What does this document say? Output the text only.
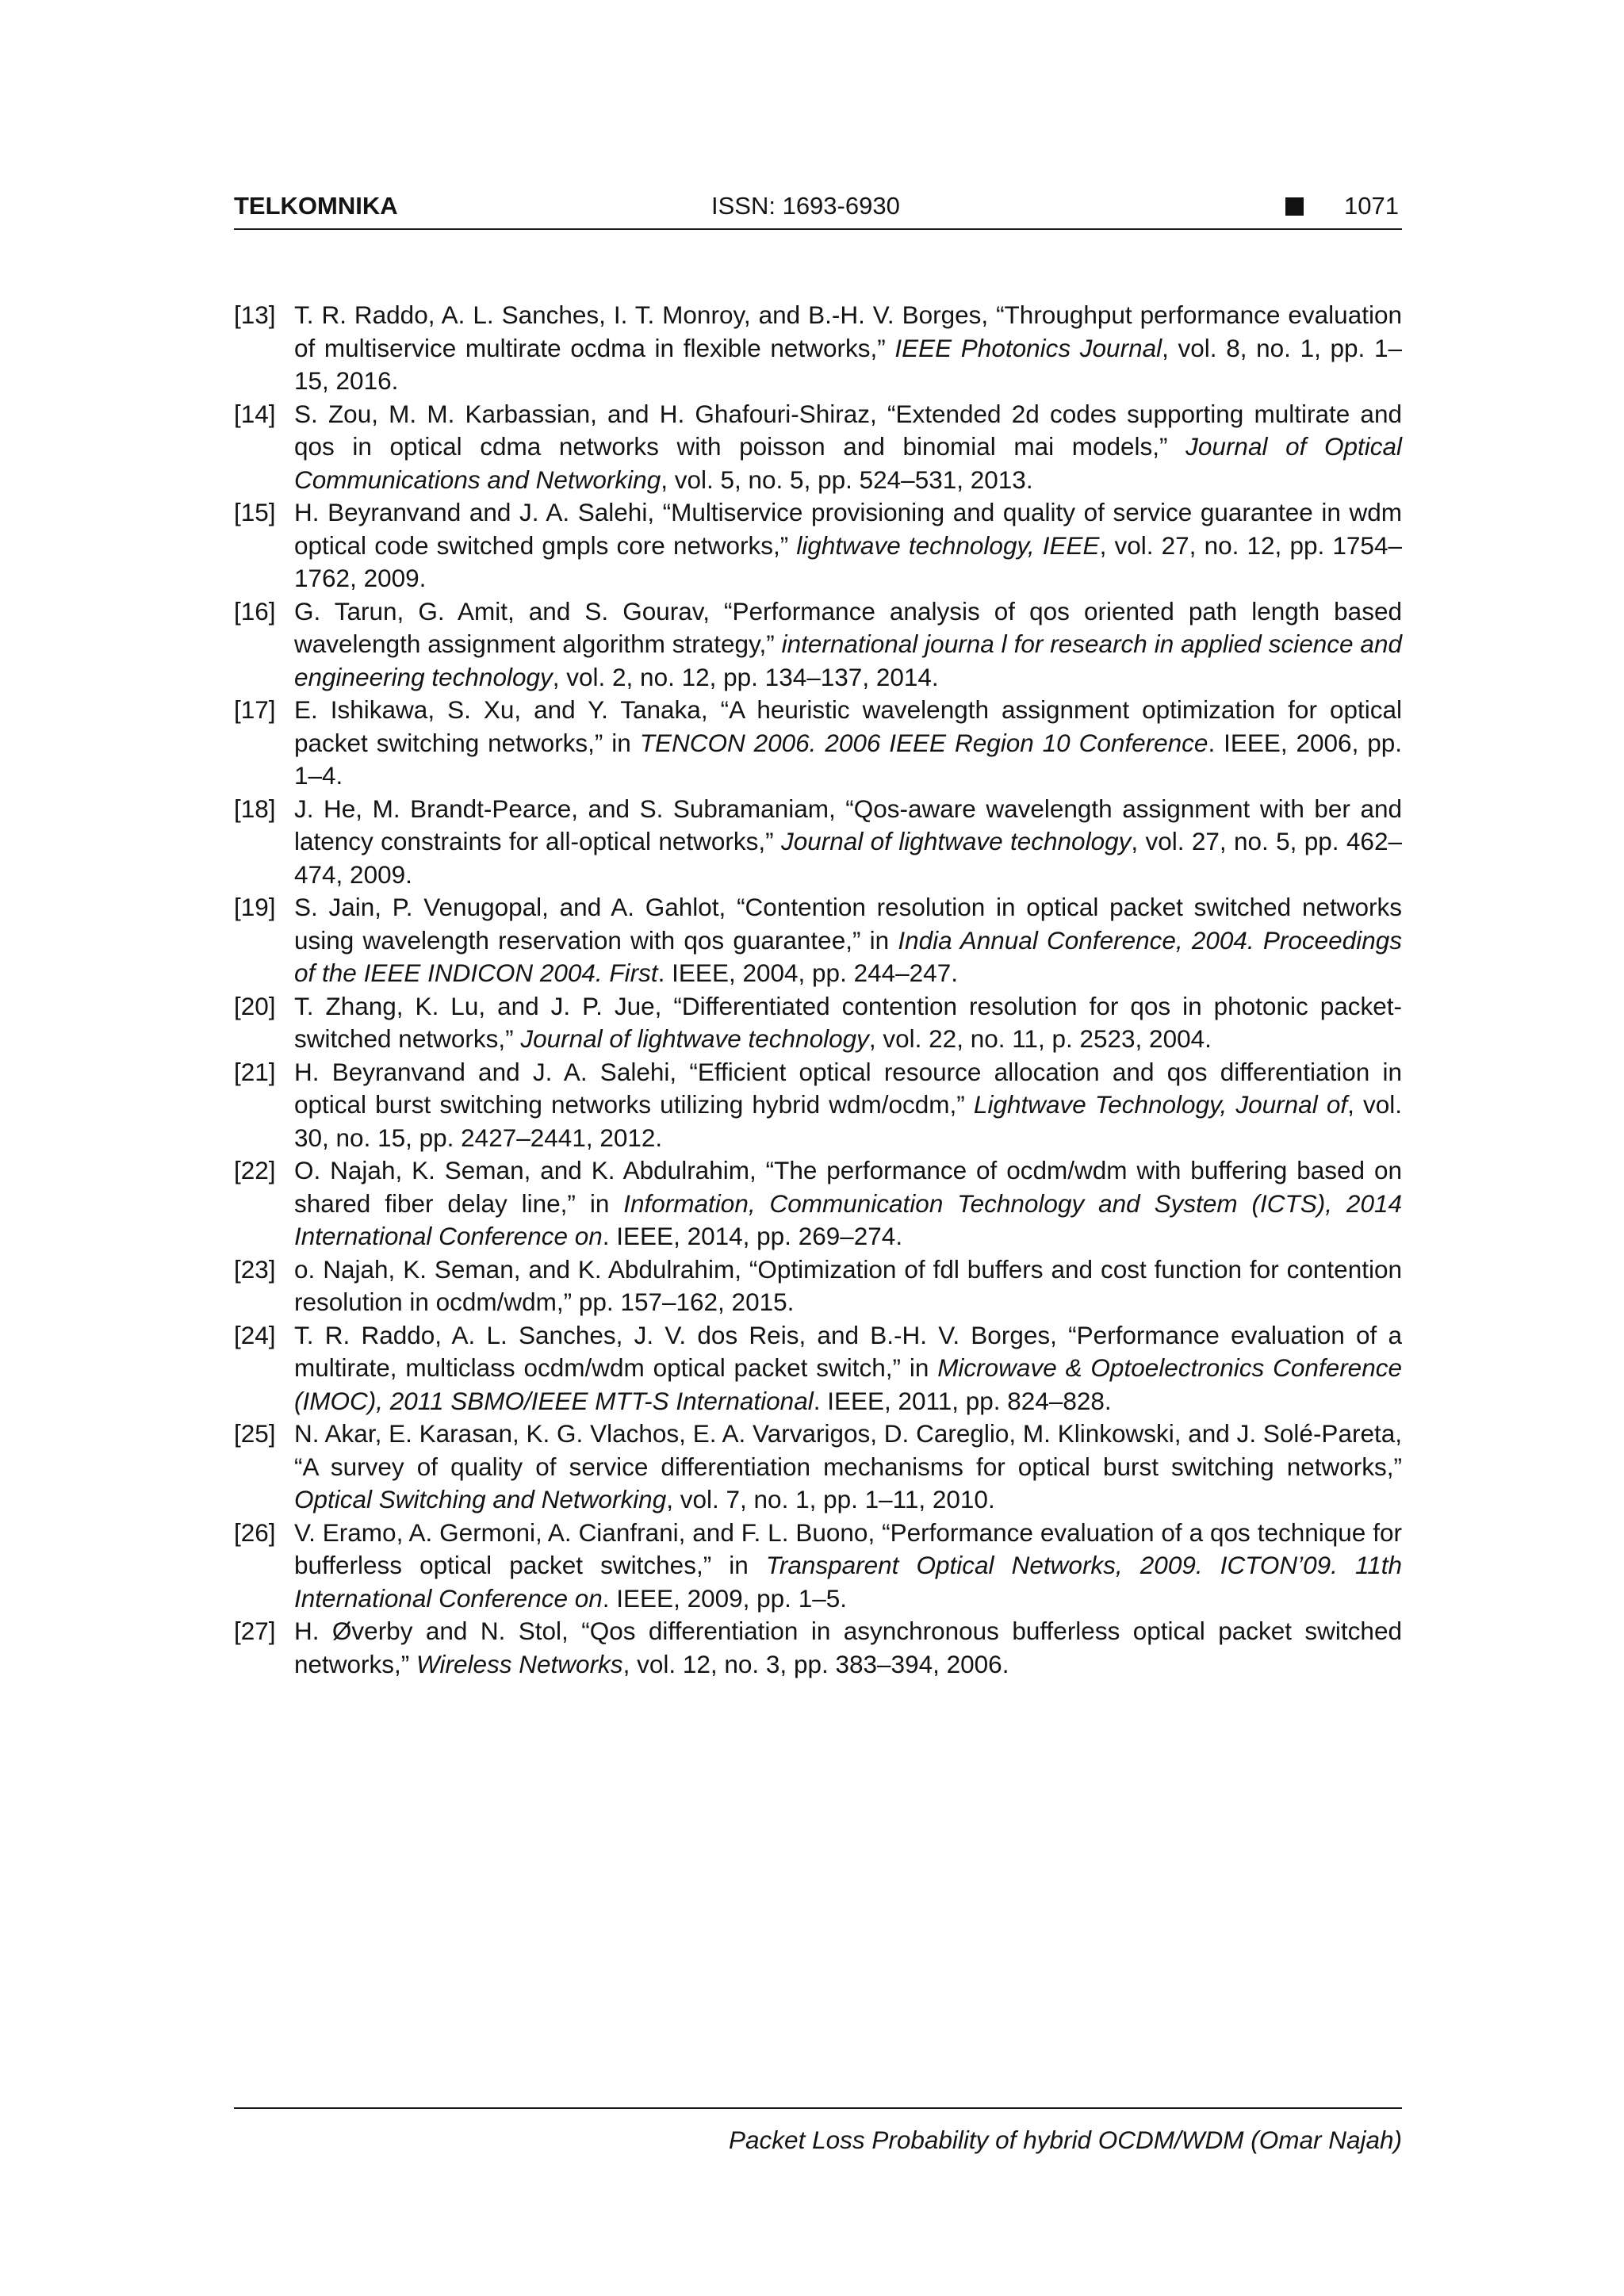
TELKOMNIKA	ISSN: 1693-6930	1071
[13] T. R. Raddo, A. L. Sanches, I. T. Monroy, and B.-H. V. Borges, “Throughput performance evaluation of multiservice multirate ocdma in flexible networks,” IEEE Photonics Journal, vol. 8, no. 1, pp. 1–15, 2016.
[14] S. Zou, M. M. Karbassian, and H. Ghafouri-Shiraz, “Extended 2d codes supporting multirate and qos in optical cdma networks with poisson and binomial mai models,” Journal of Optical Communications and Networking, vol. 5, no. 5, pp. 524–531, 2013.
[15] H. Beyranvand and J. A. Salehi, “Multiservice provisioning and quality of service guarantee in wdm optical code switched gmpls core networks,” lightwave technology, IEEE, vol. 27, no. 12, pp. 1754–1762, 2009.
[16] G. Tarun, G. Amit, and S. Gourav, “Performance analysis of qos oriented path length based wavelength assignment algorithm strategy,” international journa l for research in applied science and engineering technology, vol. 2, no. 12, pp. 134–137, 2014.
[17] E. Ishikawa, S. Xu, and Y. Tanaka, “A heuristic wavelength assignment optimization for optical packet switching networks,” in TENCON 2006. 2006 IEEE Region 10 Conference. IEEE, 2006, pp. 1–4.
[18] J. He, M. Brandt-Pearce, and S. Subramaniam, “Qos-aware wavelength assignment with ber and latency constraints for all-optical networks,” Journal of lightwave technology, vol. 27, no. 5, pp. 462–474, 2009.
[19] S. Jain, P. Venugopal, and A. Gahlot, “Contention resolution in optical packet switched networks using wavelength reservation with qos guarantee,” in India Annual Conference, 2004. Proceedings of the IEEE INDICON 2004. First. IEEE, 2004, pp. 244–247.
[20] T. Zhang, K. Lu, and J. P. Jue, “Differentiated contention resolution for qos in photonic packet-switched networks,” Journal of lightwave technology, vol. 22, no. 11, p. 2523, 2004.
[21] H. Beyranvand and J. A. Salehi, “Efficient optical resource allocation and qos differentiation in optical burst switching networks utilizing hybrid wdm/ocdm,” Lightwave Technology, Journal of, vol. 30, no. 15, pp. 2427–2441, 2012.
[22] O. Najah, K. Seman, and K. Abdulrahim, “The performance of ocdm/wdm with buffering based on shared fiber delay line,” in Information, Communication Technology and System (ICTS), 2014 International Conference on. IEEE, 2014, pp. 269–274.
[23] o. Najah, K. Seman, and K. Abdulrahim, “Optimization of fdl buffers and cost function for contention resolution in ocdm/wdm,” pp. 157–162, 2015.
[24] T. R. Raddo, A. L. Sanches, J. V. dos Reis, and B.-H. V. Borges, “Performance evaluation of a multirate, multiclass ocdm/wdm optical packet switch,” in Microwave & Optoelectronics Conference (IMOC), 2011 SBMO/IEEE MTT-S International. IEEE, 2011, pp. 824–828.
[25] N. Akar, E. Karasan, K. G. Vlachos, E. A. Varvarigos, D. Careglio, M. Klinkowski, and J. Solé-Pareta, “A survey of quality of service differentiation mechanisms for optical burst switching networks,” Optical Switching and Networking, vol. 7, no. 1, pp. 1–11, 2010.
[26] V. Eramo, A. Germoni, A. Cianfrani, and F. L. Buono, “Performance evaluation of a qos technique for bufferless optical packet switches,” in Transparent Optical Networks, 2009. ICTON’09. 11th International Conference on. IEEE, 2009, pp. 1–5.
[27] H. Øverby and N. Stol, “Qos differentiation in asynchronous bufferless optical packet switched networks,” Wireless Networks, vol. 12, no. 3, pp. 383–394, 2006.
Packet Loss Probability of hybrid OCDM/WDM (Omar Najah)
